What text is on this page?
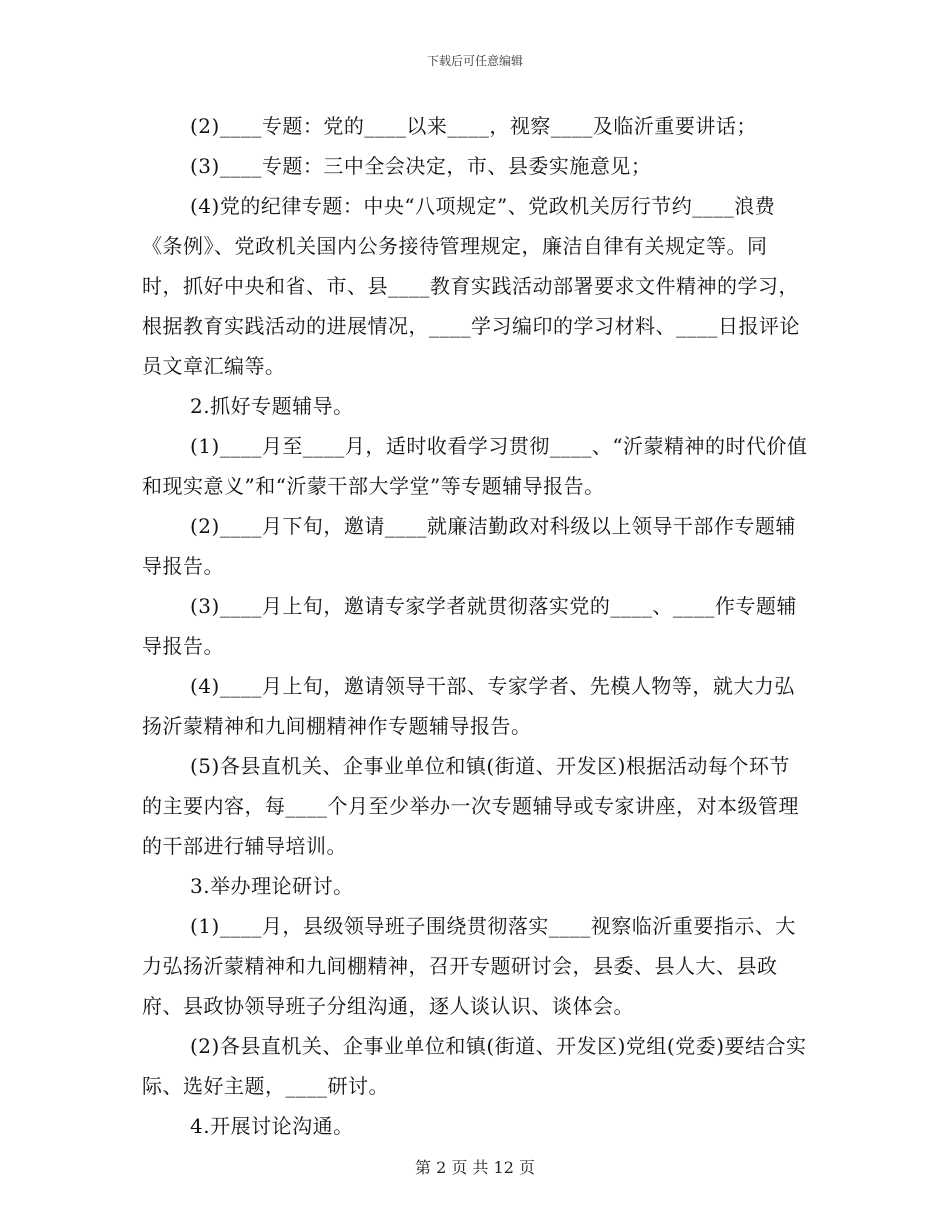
下载后可任意编辑

(2)____专题：党的____以来____，视察____及临沂重要讲话；

(3)____专题：三中全会决定，市、县委实施意见；

(4)党的纪律专题：中央“八项规定”、党政机关厉行节约____浪费《条例》、党政机关国内公务接待管理规定，廉洁自律有关规定等。同时，抓好中央和省、市、县____教育实践活动部署要求文件精神的学习，根据教育实践活动的进展情况，____学习编印的学习材料、____日报评论员文章汇编等。

2.抓好专题辅导。

(1)____月至____月，适时收看学习贯彻____、“沂蒙精神的时代价值和现实意义”和“沂蒙干部大学堂”等专题辅导报告。

(2)____月下旬，邀请____就廉洁勤政对科级以上领导干部作专题辅导报告。

(3)____月上旬，邀请专家学者就贯彻落实党的____、____作专题辅导报告。

(4)____月上旬，邀请领导干部、专家学者、先模人物等，就大力弘扬沂蒙精神和九间棚精神作专题辅导报告。

(5)各县直机关、企事业单位和镇(街道、开发区)根据活动每个环节的主要内容，每____个月至少举办一次专题辅导或专家讲座，对本级管理的干部进行辅导培训。

3.举办理论研讨。

(1)____月，县级领导班子围绕贯彻落实____视察临沂重要指示、大力弘扬沂蒙精神和九间棚精神，召开专题研讨会，县委、县人大、县政府、县政协领导班子分组沟通，逐人谈认识、谈体会。

(2)各县直机关、企事业单位和镇(街道、开发区)党组(党委)要结合实际、选好主题，____研讨。

4.开展讨论沟通。

第 2 页 共 12 页
